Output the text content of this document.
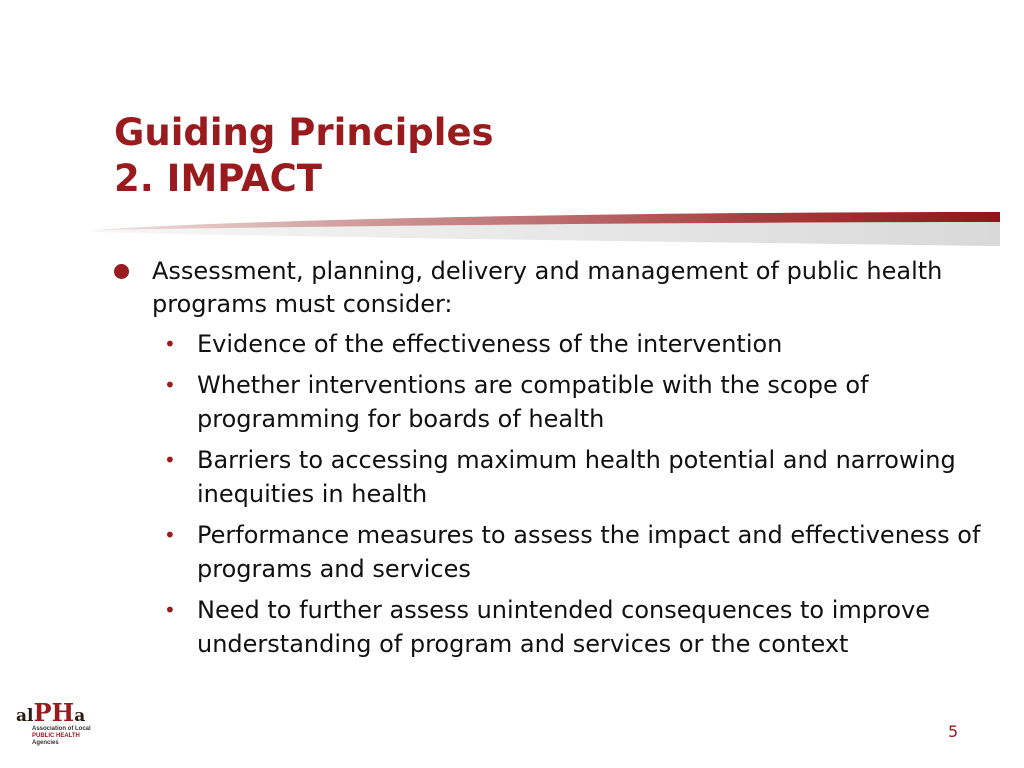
Guiding Principles
2. IMPACT
Assessment, planning, delivery and management of public health programs must consider:
• Evidence of the effectiveness of the intervention
• Whether interventions are compatible with the scope of programming for boards of health
• Barriers to accessing maximum health potential and narrowing inequities in health
• Performance measures to assess the impact and effectiveness of programs and services
• Need to further assess unintended consequences to improve understanding of program and services or the context
alPHa
Association of Local
PUBLIC HEALTH
Agencies
5
